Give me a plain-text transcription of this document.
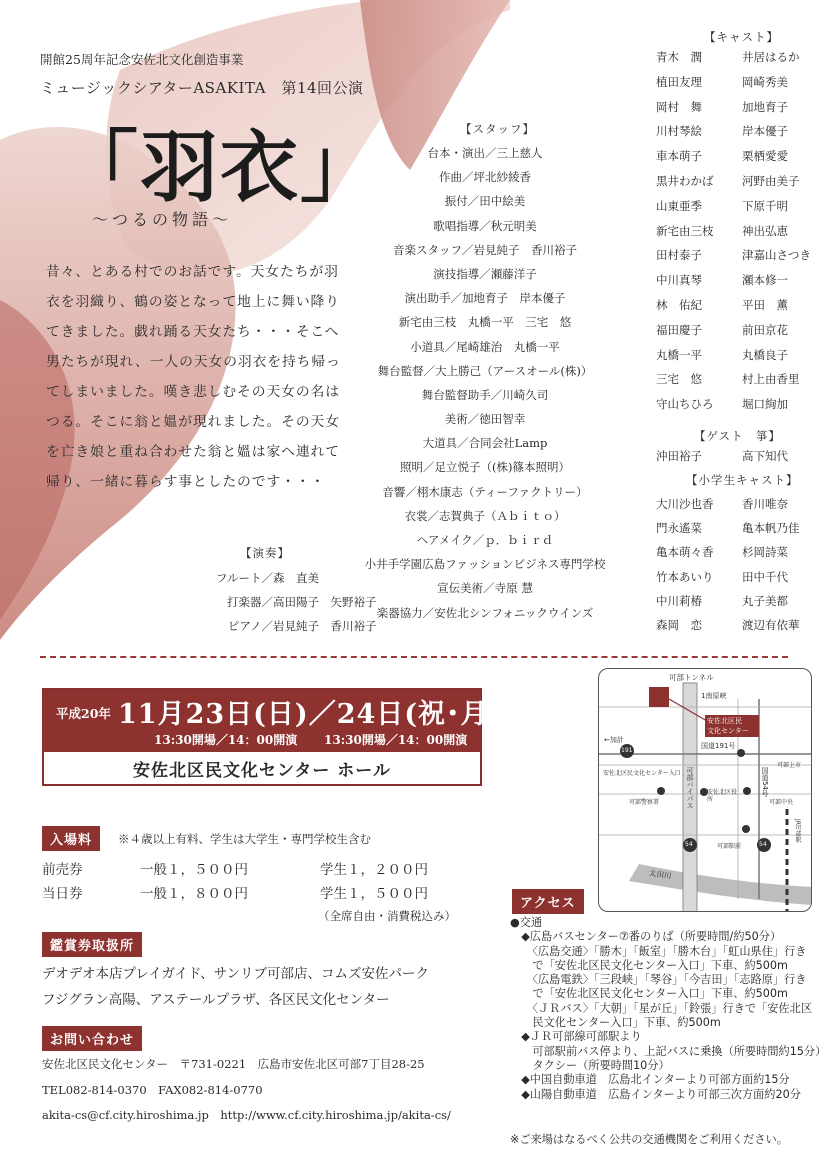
開館25周年記念安佐北文化創造事業
ミュージックシアターASAKITA　第14回公演
「羽衣」
〜つるの物語〜
昔々、とある村でのお話です。天女たちが羽
衣を羽織り、鶴の姿となって地上に舞い降り
てきました。戯れ踊る天女たち・・・そこへ
男たちが現れ、一人の天女の羽衣を持ち帰っ
てしまいました。嘆き悲しむその天女の名は
つる。そこに翁と媼が現れました。その天女
を亡き娘と重ね合わせた翁と媼は家へ連れて
帰り、一緒に暮らす事としたのです・・・
【スタッフ】
台本・演出／三上慈人
作曲／坪北紗綾香
振付／田中絵美
歌唱指導／秋元明美
音楽スタッフ／岩見純子　香川裕子
演技指導／瀬藤洋子
演出助手／加地育子　岸本優子
新宅由三枝　丸橋一平　三宅　悠
小道具／尾崎雄治　丸橋一平
舞台監督／大上勝己（アースオール(株)）
舞台監督助手／川崎久司
美術／徳田智幸
大道具／合同会社Lamp
照明／足立悦子（(株)篠本照明）
音響／栩木康志（ティーファクトリー）
衣裳／志賀典子（Ａｂｉｔｏ）
ヘアメイク／ｐ．ｂｉｒｄ
小井手学園広島ファッションビジネス専門学校
宣伝美術／寺原 慧
楽器協力／安佐北シンフォニックウインズ
【演奏】
フルート／森　直美
打楽器／高田陽子　矢野裕子
ピアノ／岩見純子　香川裕子
【キャスト】
青木　潤	井居はるか
植田友理	岡崎秀美
岡村　舞	加地育子
川村琴絵	岸本優子
車本萌子	栗栖愛愛
黒井わかば 河野由美子
山東亜季	下原千明
新宅由三枝 神出弘恵
田村泰子	津嘉山さつき
中川真琴	瀬本修一
林　佑紀	平田　薫
福田慶子	前田京花
丸橋一平	丸橋良子
三宅　悠	村上由香里
守山ちひろ 堀口絢加
【ゲスト　箏】
沖田裕子	高下知代
【小学生キャスト】
大川沙也香 香川唯奈
門永遙菜	亀本帆乃佳
亀本萌々香 杉岡詩菜
竹本あいり 田中千代
中川莉椿	丸子美都
森岡　恋	渡辺有依華
平成20年 11月23日(日)／24日(祝･月)
13:30開場／14：00開演 13:30開場／14：00開演
安佐北区民文化センター ホール
入場料	※４歳以上有料、学生は大学生・専門学校生含む
前売券	一般１，５００円	学生１，２００円
当日券	一般１，８００円	学生１，５００円
（全席自由・消費税込み）
鑑賞券取扱所
デオデオ本店プレイガイド、サンリブ可部店、コムズ安佐パーク
フジグラン高陽、アステールプラザ、各区民文化センター
お問い合わせ
安佐北区民文化センター　〒731-0221　広島市安佐北区可部7丁目28-25
TEL082-814-0370　FAX082-814-0770
akita-cs@cf.city.hiroshima.jp　http://www.cf.city.hiroshima.jp/akita-cs/
可部トンネル
1南原峡
←加計
国道191号
安佐北区民
文化センター
安佐北区民文化センター入口 可部バイパス	国道54号
可部上市
可部警察署
安佐北区役所	可部中央
可部駅前
JR可部駅
太田川
191
54	54
アクセス
●交通
　◆広島バスセンター⑦番のりば（所要時間/約50分）
　　〈広島交通〉「勝木」「飯室」「勝木台」「虹山県住」行き
　　で「安佐北区民文化センター入口」下車、約500m
　　〈広島電鉄〉「三段峡」「琴谷」「今吉田」「志路原」行き
　　で「安佐北区民文化センター入口」下車、約500m
　　〈ＪＲバス〉「大朝」「星が丘」「鈴張」行きで「安佐北区
　　民文化センター入口」下車、約500m
　◆ＪＲ可部線可部駅より
　　可部駅前バス停より、上記バスに乗換（所要時間約15分）
　　タクシー（所要時間10分）
　◆中国自動車道　広島北インターより可部方面約15分
　◆山陽自動車道　広島インターより可部三次方面約20分
※ご来場はなるべく公共の交通機関をご利用ください。
